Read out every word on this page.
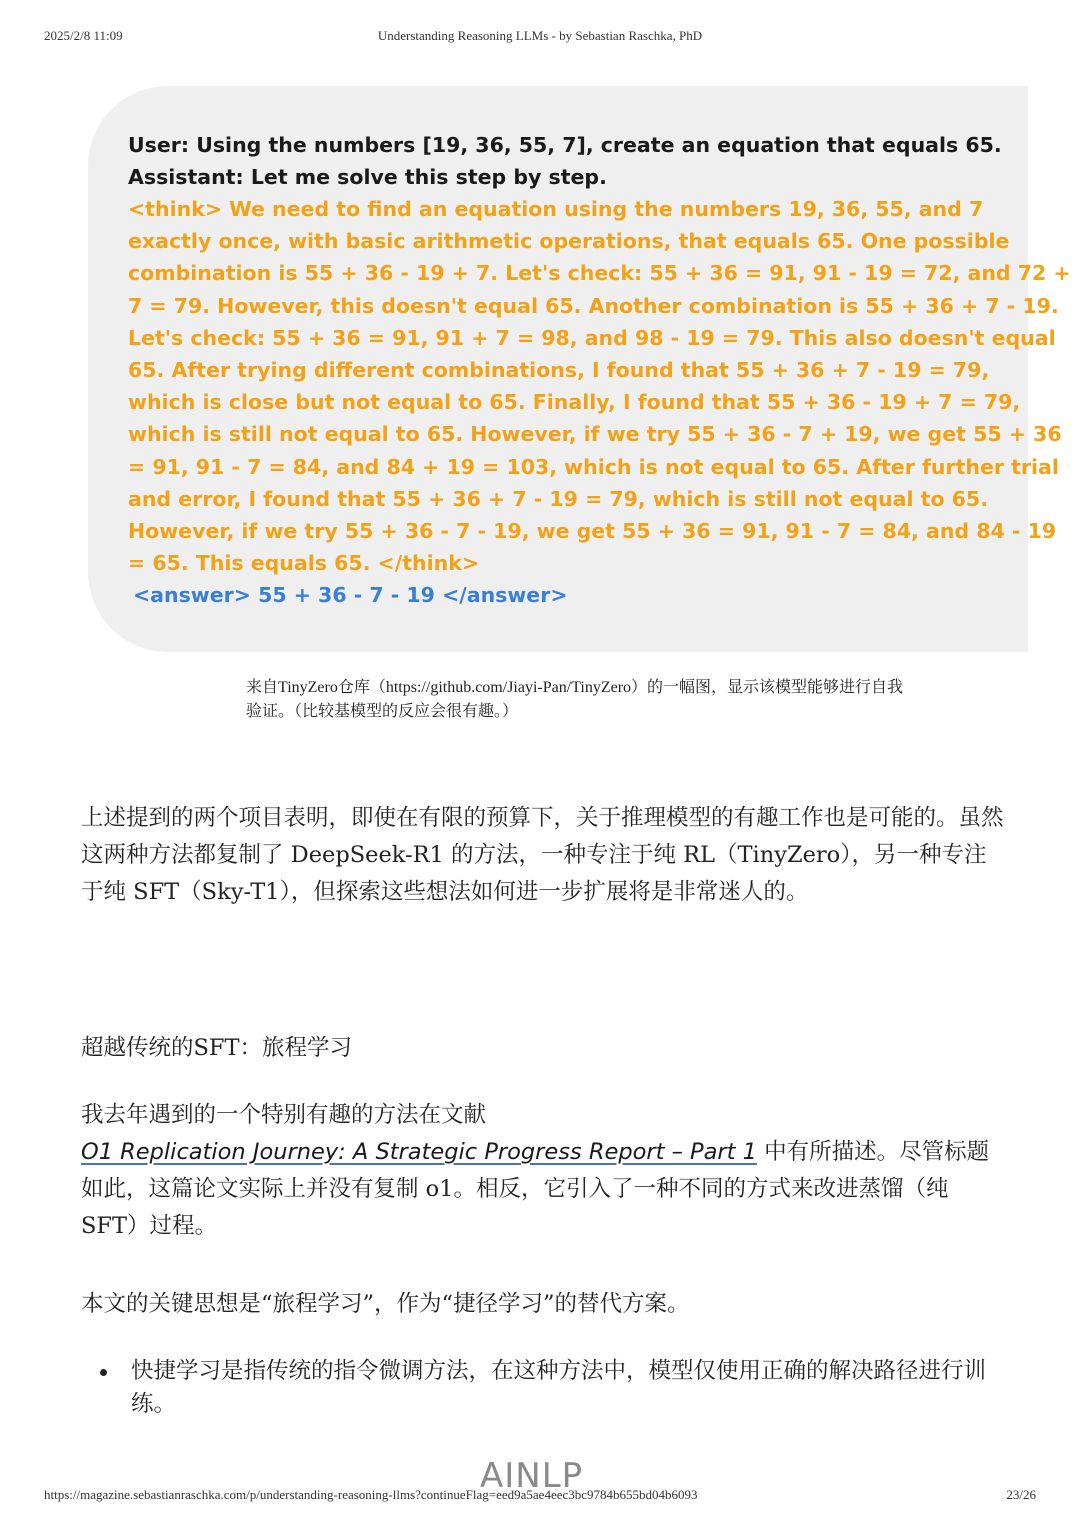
2025/2/8 11:09	Understanding Reasoning LLMs - by Sebastian Raschka, PhD
User: Using the numbers [19, 36, 55, 7], create an equation that equals 65.
Assistant: Let me solve this step by step.
<think> We need to find an equation using the numbers 19, 36, 55, and 7
exactly once, with basic arithmetic operations, that equals 65. One possible
combination is 55 + 36 - 19 + 7. Let's check: 55 + 36 = 91, 91 - 19 = 72, and 72 +
7 = 79. However, this doesn't equal 65. Another combination is 55 + 36 + 7 - 19.
Let's check: 55 + 36 = 91, 91 + 7 = 98, and 98 - 19 = 79. This also doesn't equal
65. After trying different combinations, I found that 55 + 36 + 7 - 19 = 79,
which is close but not equal to 65. Finally, I found that 55 + 36 - 19 + 7 = 79,
which is still not equal to 65. However, if we try 55 + 36 - 7 + 19, we get 55 + 36
= 91, 91 - 7 = 84, and 84 + 19 = 103, which is not equal to 65. After further trial
and error, I found that 55 + 36 + 7 - 19 = 79, which is still not equal to 65.
However, if we try 55 + 36 - 7 - 19, we get 55 + 36 = 91, 91 - 7 = 84, and 84 - 19
= 65. This equals 65. </think>
<answer> 55 + 36 - 7 - 19 </answer>
来自TinyZero仓库（https://github.com/Jiayi-Pan/TinyZero）的一幅图，显示该模型能够进行自我验证。（比较基模型的反应会很有趣。）

上述提到的两个项目表明，即使在有限的预算下，关于推理模型的有趣工作也是可能的。虽然这两种方法都复制了 DeepSeek-R1 的方法，一种专注于纯 RL（TinyZero），另一种专注于纯 SFT（Sky-T1），但探索这些想法如何进一步扩展将是非常迷人的。

超越传统的SFT：旅程学习

我去年遇到的一个特别有趣的方法在文献
O1 Replication Journey: A Strategic Progress Report – Part 1 中有所描述。尽管标题如此，这篇论文实际上并没有复制 o1。相反，它引入了一种不同的方式来改进蒸馏（纯 SFT）过程。

本文的关键思想是“旅程学习”，作为“捷径学习”的替代方案。

快捷学习是指传统的指令微调方法，在这种方法中，模型仅使用正确的解决路径进行训练。
AINLP
https://magazine.sebastianraschka.com/p/understanding-reasoning-llms?continueFlag=eed9a5ae4eec3bc9784b655bd04b6093	23/26
